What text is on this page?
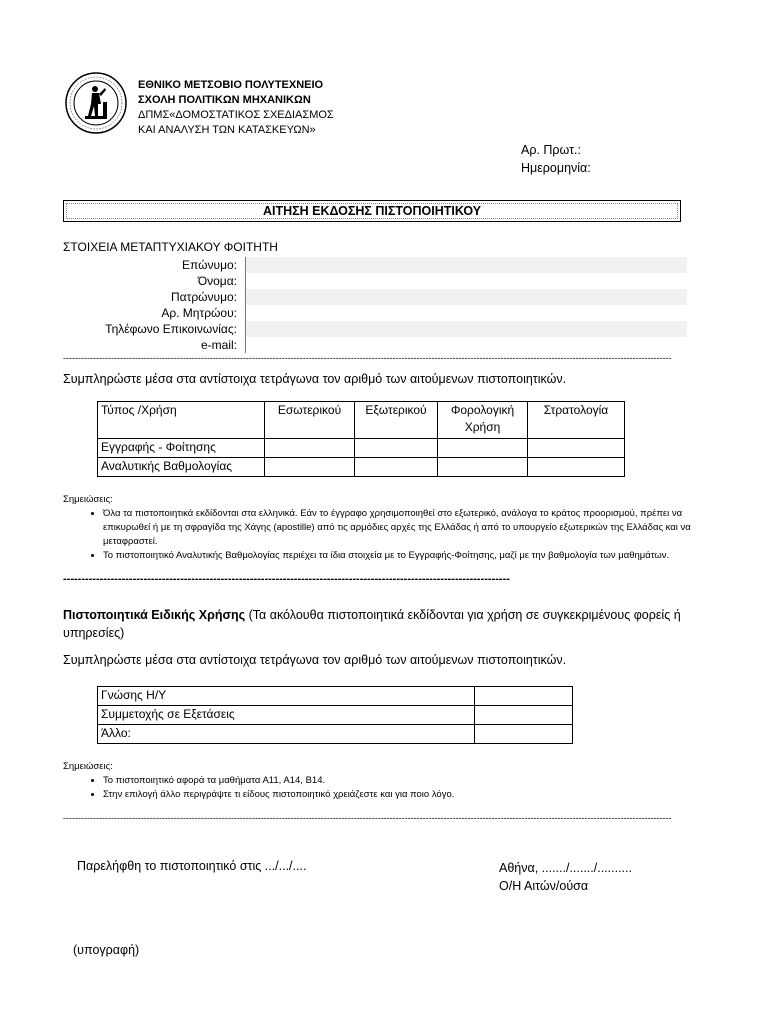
ΕΘΝΙΚΟ ΜΕΤΣΟΒΙΟ ΠΟΛΥΤΕΧΝΕΙΟ
ΣΧΟΛΗ ΠΟΛΙΤΙΚΩΝ ΜΗΧΑΝΙΚΩΝ
ΔΠΜΣ«ΔΟΜΟΣΤΑΤΙΚΟΣ ΣΧΕΔΙΑΣΜΟΣ
ΚΑΙ ΑΝΑΛΥΣΗ ΤΩΝ ΚΑΤΑΣΚΕΥΩΝ»
Αρ. Πρωτ.:
Ημερομηνία:
ΑΙΤΗΣΗ ΕΚΔΟΣΗΣ ΠΙΣΤΟΠΟΙΗΤΙΚΟΥ
ΣΤΟΙΧΕΙΑ ΜΕΤΑΠΤΥΧΙΑΚΟΥ ΦΟΙΤΗΤΗ
Επώνυμο:
Όνομα:
Πατρώνυμο:
Αρ. Μητρώου:
Τηλέφωνο Επικοινωνίας:
e-mail:
-----------------------------------------------------------------------------------------------------------------------------------------------------------------------------------------------------------
Συμπληρώστε μέσα στα αντίστοιχα τετράγωνα τον αριθμό των αιτούμενων πιστοποιητικών.
Τύπος /Χρήση	Εσωτερικού	Εξωτερικού	Φορολογική Χρήση	Στρατολογία
Εγγραφής - Φοίτησης				
Αναλυτικής Βαθμολογίας				
Σημειώσεις:
• Όλα τα πιστοποιητικά εκδίδονται στα ελληνικά. Εάν το έγγραφο χρησιμοποιηθεί στο εξωτερικό, ανάλογα το κράτος προορισμού, πρέπει να επικυρωθεί ή με τη σφραγίδα της Χάγης (apostille) από τις αρμόδιες αρχές της Ελλάδας ή από το υπουργείο εξωτερικών της Ελλάδας και να μεταφραστεί.
• Το πιστοποιητικό Αναλυτικής Βαθμολογίας περιέχει τα ίδια στοιχεία με το Εγγραφής-Φοίτησης, μαζί με την βαθμολογία των μαθημάτων.
--------------------------------------------------------------------------------------------------------------------------
Πιστοποιητικά Ειδικής Χρήσης (Τα ακόλουθα πιστοποιητικά εκδίδονται για χρήση σε συγκεκριμένους φορείς ή υπηρεσίες)
Συμπληρώστε μέσα στα αντίστοιχα τετράγωνα τον αριθμό των αιτούμενων πιστοποιητικών.
Γνώσης Η/Υ	
Συμμετοχής σε Εξετάσεις	
Άλλο:	
Σημειώσεις:
• Το πιστοποιητικό αφορά τα μαθήματα Α11, Α14, Β14.
• Στην επιλογή άλλο περιγράψτε τι είδους πιστοποιητικό χρειάζεστε και για ποιο λόγο.
-----------------------------------------------------------------------------------------------------------------------------------------------------------------------------------------------------------
Παρελήφθη το πιστοποιητικό στις .../.../....	Αθήνα, ......./......./..........
Ο/Η Αιτών/ούσα
(υπογραφή)
